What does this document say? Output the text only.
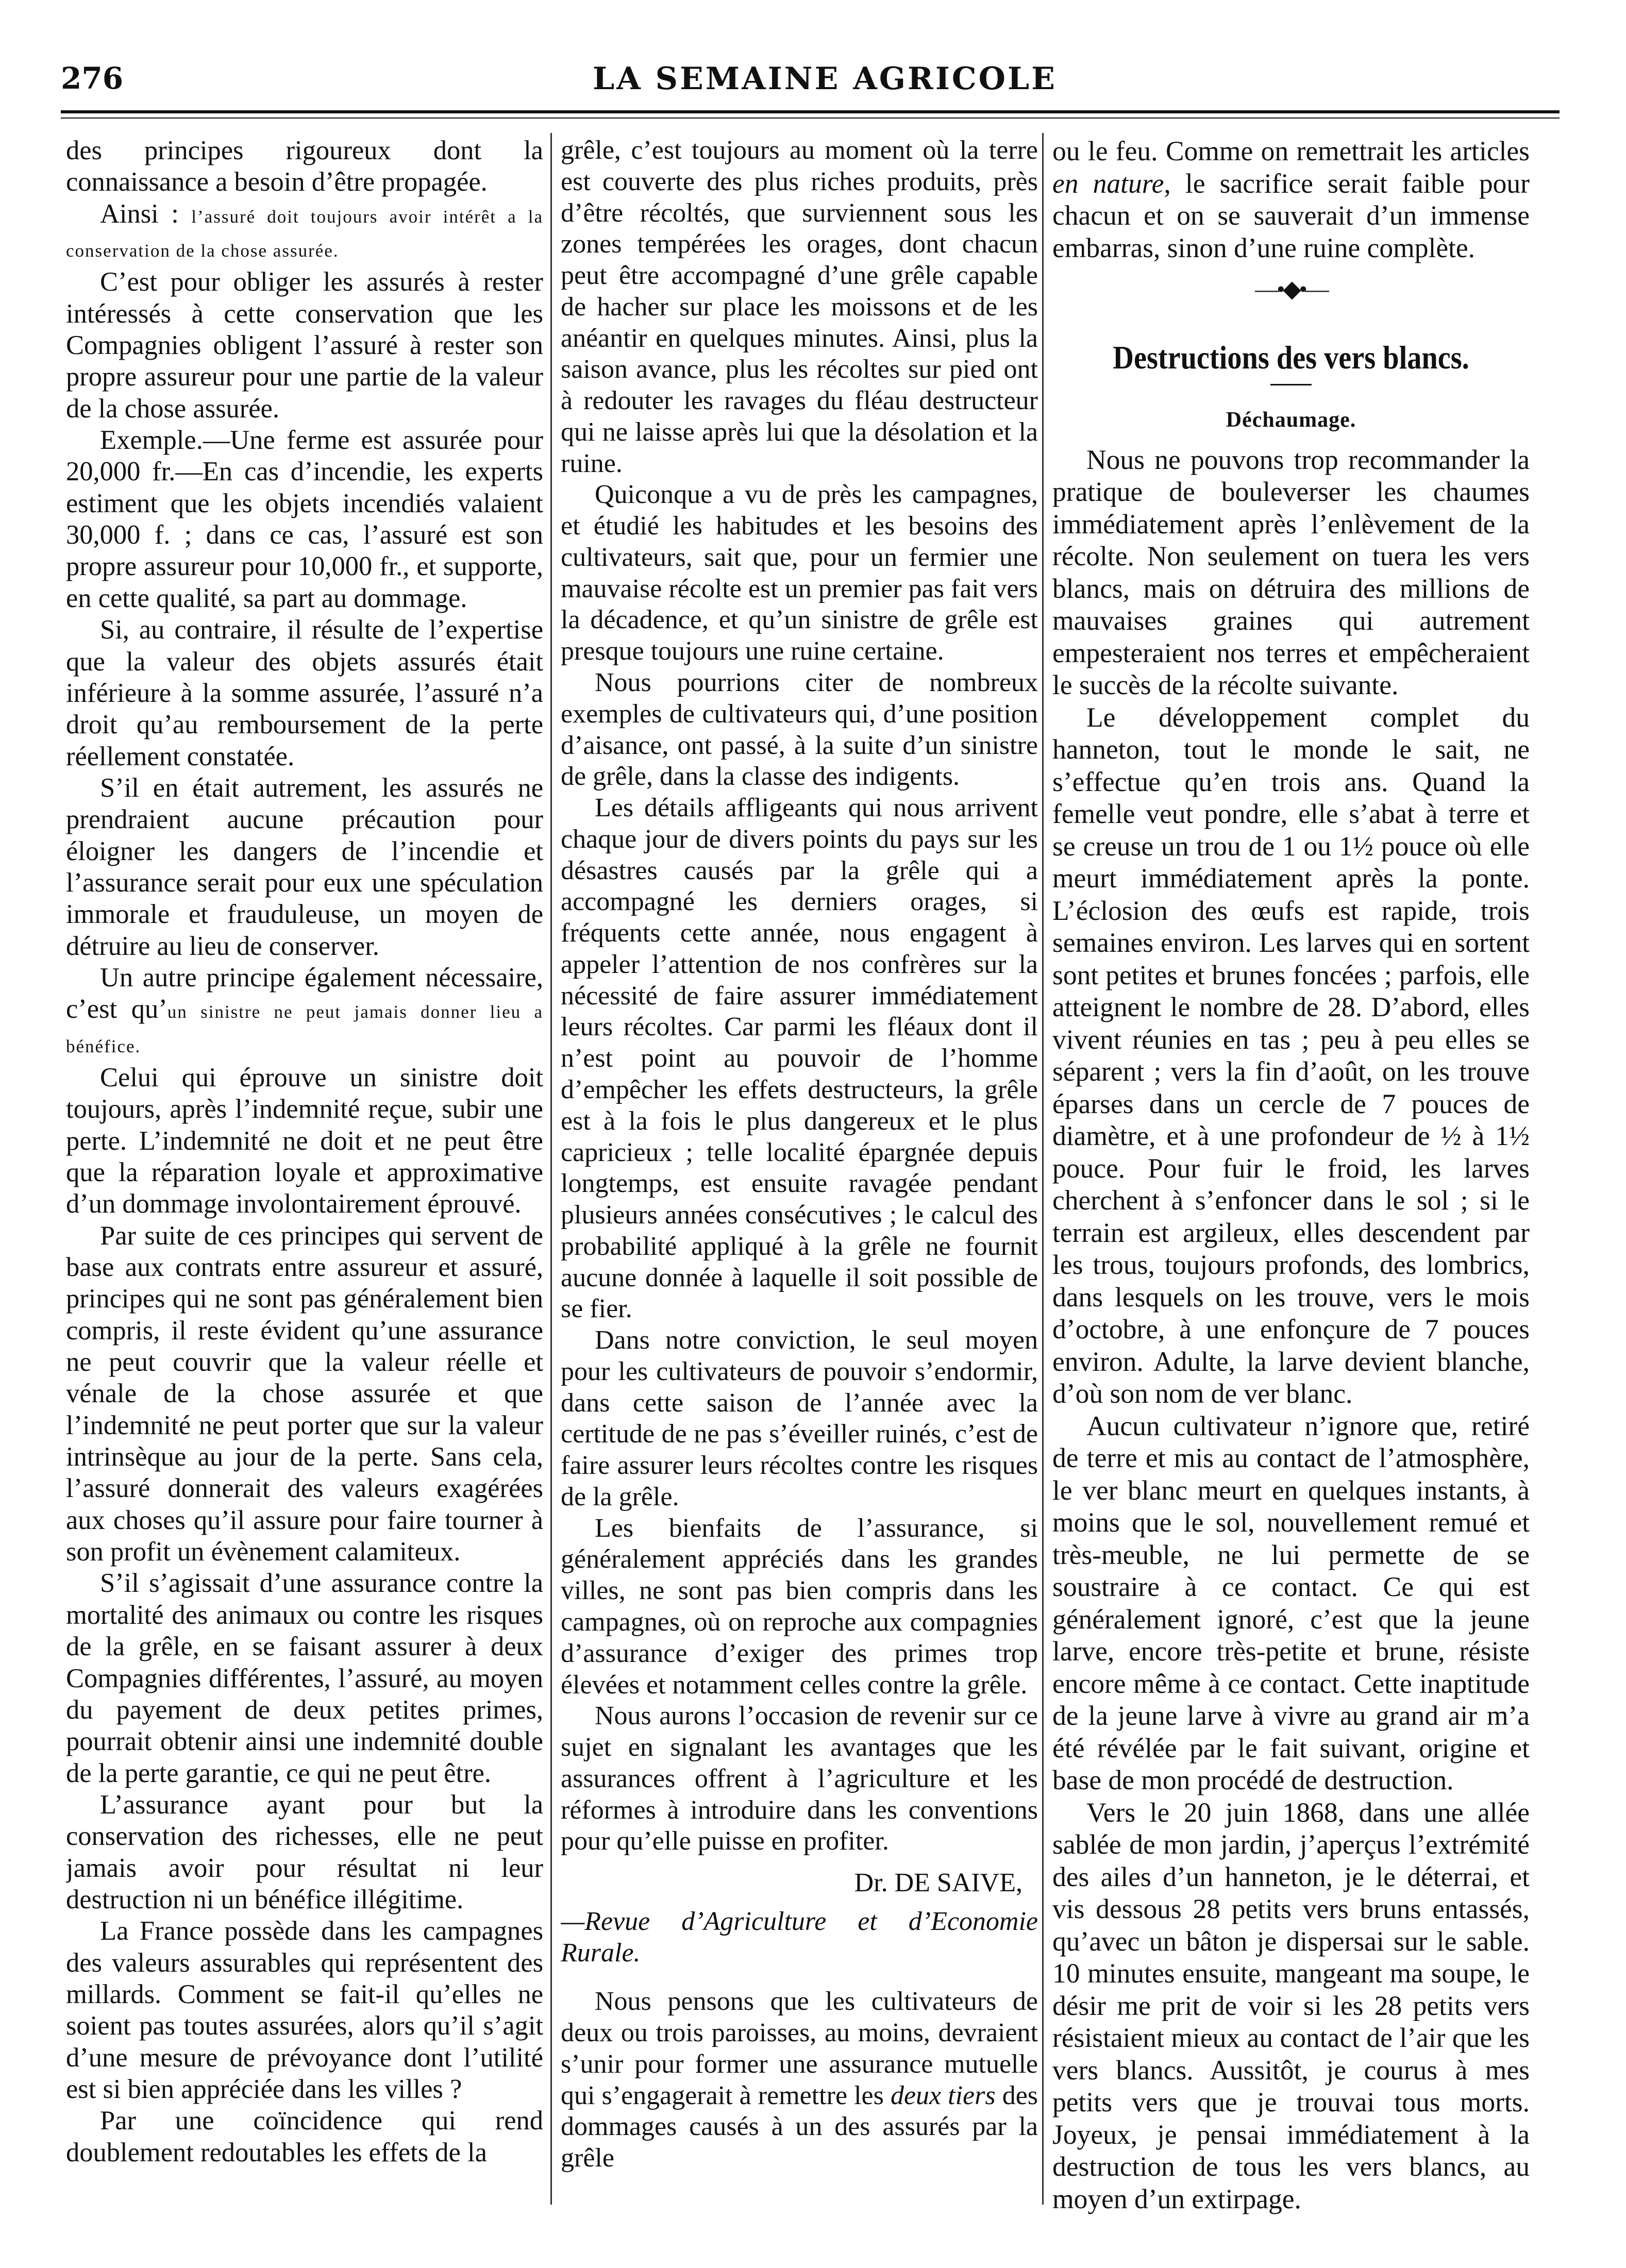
276	LA SEMAINE AGRICOLE

des principes rigoureux dont la connaissance a besoin d’être propagée.

Ainsi : l’assuré doit toujours avoir intérêt a la conservation de la chose assurée.

C’est pour obliger les assurés à rester intéressés à cette conservation que les Compagnies obligent l’assuré à rester son propre assureur pour une partie de la valeur de la chose assurée.

Exemple.—Une ferme est assurée pour 20,000 fr.—En cas d’incendie, les experts estiment que les objets incendiés valaient 30,000 f. ; dans ce cas, l’assuré est son propre assureur pour 10,000 fr., et supporte, en cette qualité, sa part au dommage.

Si, au contraire, il résulte de l’expertise que la valeur des objets assurés était inférieure à la somme assurée, l’assuré n’a droit qu’au remboursement de la perte réellement constatée.

S’il en était autrement, les assurés ne prendraient aucune précaution pour éloigner les dangers de l’incendie et l’assurance serait pour eux une spéculation immorale et frauduleuse, un moyen de détruire au lieu de conserver.

Un autre principe également nécessaire, c’est qu’un sinistre ne peut jamais donner lieu a bénéfice.

Celui qui éprouve un sinistre doit toujours, après l’indemnité reçue, subir une perte. L’indemnité ne doit et ne peut être que la réparation loyale et approximative d’un dommage involontairement éprouvé.

Par suite de ces principes qui servent de base aux contrats entre assureur et assuré, principes qui ne sont pas généralement bien compris, il reste évident qu’une assurance ne peut couvrir que la valeur réelle et vénale de la chose assurée et que l’indemnité ne peut porter que sur la valeur intrinsèque au jour de la perte. Sans cela, l’assuré donnerait des valeurs exagérées aux choses qu’il assure pour faire tourner à son profit un évènement calamiteux.

S’il s’agissait d’une assurance contre la mortalité des animaux ou contre les risques de la grêle, en se faisant assurer à deux Compagnies différentes, l’assuré, au moyen du payement de deux petites primes, pourrait obtenir ainsi une indemnité double de la perte garantie, ce qui ne peut être.

L’assurance ayant pour but la conservation des richesses, elle ne peut jamais avoir pour résultat ni leur destruction ni un bénéfice illégitime.

La France possède dans les campagnes des valeurs assurables qui représentent des millards. Comment se fait-il qu’elles ne soient pas toutes assurées, alors qu’il s’agit d’une mesure de prévoyance dont l’utilité est si bien appréciée dans les villes ?

Par une coïncidence qui rend doublement redoutables les effets de la

grêle, c’est toujours au moment où la terre est couverte des plus riches produits, près d’être récoltés, que surviennent sous les zones tempérées les orages, dont chacun peut être accompagné d’une grêle capable de hacher sur place les moissons et de les anéantir en quelques minutes. Ainsi, plus la saison avance, plus les récoltes sur pied ont à redouter les ravages du fléau destructeur qui ne laisse après lui que la désolation et la ruine.

Quiconque a vu de près les campagnes, et étudié les habitudes et les besoins des cultivateurs, sait que, pour un fermier une mauvaise récolte est un premier pas fait vers la décadence, et qu’un sinistre de grêle est presque toujours une ruine certaine.

Nous pourrions citer de nombreux exemples de cultivateurs qui, d’une position d’aisance, ont passé, à la suite d’un sinistre de grêle, dans la classe des indigents.

Les détails affligeants qui nous arrivent chaque jour de divers points du pays sur les désastres causés par la grêle qui a accompagné les derniers orages, si fréquents cette année, nous engagent à appeler l’attention de nos confrères sur la nécessité de faire assurer immédiatement leurs récoltes. Car parmi les fléaux dont il n’est point au pouvoir de l’homme d’empêcher les effets destructeurs, la grêle est à la fois le plus dangereux et le plus capricieux ; telle localité épargnée depuis longtemps, est ensuite ravagée pendant plusieurs années consécutives ; le calcul des probabilité appliqué à la grêle ne fournit aucune donnée à laquelle il soit possible de se fier.

Dans notre conviction, le seul moyen pour les cultivateurs de pouvoir s’endormir, dans cette saison de l’année avec la certitude de ne pas s’éveiller ruinés, c’est de faire assurer leurs récoltes contre les risques de la grêle.

Les bienfaits de l’assurance, si généralement appréciés dans les grandes villes, ne sont pas bien compris dans les campagnes, où on reproche aux compagnies d’assurance d’exiger des primes trop élevées et notamment celles contre la grêle.

Nous aurons l’occasion de revenir sur ce sujet en signalant les avantages que les assurances offrent à l’agriculture et les réformes à introduire dans les conventions pour qu’elle puisse en profiter.

Dr. DE SAIVE,

—Revue d’Agriculture et d’Economie Rurale.

Nous pensons que les cultivateurs de deux ou trois paroisses, au moins, devraient s’unir pour former une assurance mutuelle qui s’engagerait à remettre les deux tiers des dommages causés à un des assurés par la grêle

ou le feu. Comme on remettrait les articles en nature, le sacrifice serait faible pour chacun et on se sauverait d’un immense embarras, sinon d’une ruine complète.

—•◆•—
Destructions des vers blancs.
Déchaumage.

Nous ne pouvons trop recommander la pratique de bouleverser les chaumes immédiatement après l’enlèvement de la récolte. Non seulement on tuera les vers blancs, mais on détruira des millions de mauvaises graines qui autrement empesteraient nos terres et empêcheraient le succès de la récolte suivante.

Le développement complet du hanneton, tout le monde le sait, ne s’effectue qu’en trois ans. Quand la femelle veut pondre, elle s’abat à terre et se creuse un trou de 1 ou 1½ pouce où elle meurt immédiatement après la ponte. L’éclosion des œufs est rapide, trois semaines environ. Les larves qui en sortent sont petites et brunes foncées ; parfois, elle atteignent le nombre de 28. D’abord, elles vivent réunies en tas ; peu à peu elles se séparent ; vers la fin d’août, on les trouve éparses dans un cercle de 7 pouces de diamètre, et à une profondeur de ½ à 1½ pouce. Pour fuir le froid, les larves cherchent à s’enfoncer dans le sol ; si le terrain est argileux, elles descendent par les trous, toujours profonds, des lombrics, dans lesquels on les trouve, vers le mois d’octobre, à une enfonçure de 7 pouces environ. Adulte, la larve devient blanche, d’où son nom de ver blanc.

Aucun cultivateur n’ignore que, retiré de terre et mis au contact de l’atmosphère, le ver blanc meurt en quelques instants, à moins que le sol, nouvellement remué et très-meuble, ne lui permette de se soustraire à ce contact. Ce qui est généralement ignoré, c’est que la jeune larve, encore très-petite et brune, résiste encore même à ce contact. Cette inaptitude de la jeune larve à vivre au grand air m’a été révélée par le fait suivant, origine et base de mon procédé de destruction.

Vers le 20 juin 1868, dans une allée sablée de mon jardin, j’aperçus l’extrémité des ailes d’un hanneton, je le déterrai, et vis dessous 28 petits vers bruns entassés, qu’avec un bâton je dispersai sur le sable. 10 minutes ensuite, mangeant ma soupe, le désir me prit de voir si les 28 petits vers résistaient mieux au contact de l’air que les vers blancs. Aussitôt, je courus à mes petits vers que je trouvai tous morts. Joyeux, je pensai immédiatement à la destruction de tous les vers blancs, au moyen d’un extirpage.
